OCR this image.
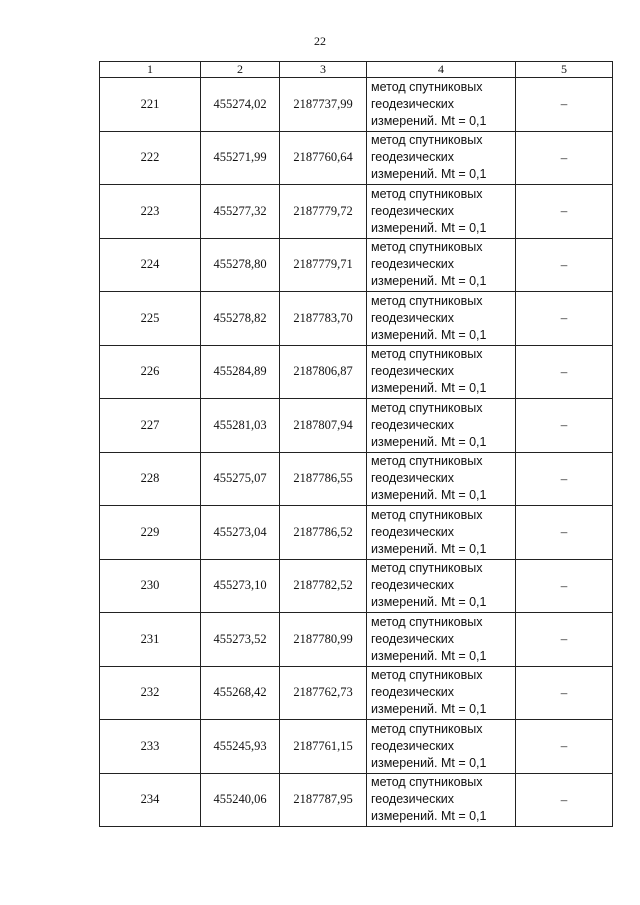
22
1	2	3	4	5
221	455274,02	2187737,99	метод спутниковых
геодезических
измерений. Mt = 0,1	–
222	455271,99	2187760,64	метод спутниковых
геодезических
измерений. Mt = 0,1	–
223	455277,32	2187779,72	метод спутниковых
геодезических
измерений. Mt = 0,1	–
224	455278,80	2187779,71	метод спутниковых
геодезических
измерений. Mt = 0,1	–
225	455278,82	2187783,70	метод спутниковых
геодезических
измерений. Mt = 0,1	–
226	455284,89	2187806,87	метод спутниковых
геодезических
измерений. Mt = 0,1	–
227	455281,03	2187807,94	метод спутниковых
геодезических
измерений. Mt = 0,1	–
228	455275,07	2187786,55	метод спутниковых
геодезических
измерений. Mt = 0,1	–
229	455273,04	2187786,52	метод спутниковых
геодезических
измерений. Mt = 0,1	–
230	455273,10	2187782,52	метод спутниковых
геодезических
измерений. Mt = 0,1	–
231	455273,52	2187780,99	метод спутниковых
геодезических
измерений. Mt = 0,1	–
232	455268,42	2187762,73	метод спутниковых
геодезических
измерений. Mt = 0,1	–
233	455245,93	2187761,15	метод спутниковых
геодезических
измерений. Mt = 0,1	–
234	455240,06	2187787,95	метод спутниковых
геодезических
измерений. Mt = 0,1	–
